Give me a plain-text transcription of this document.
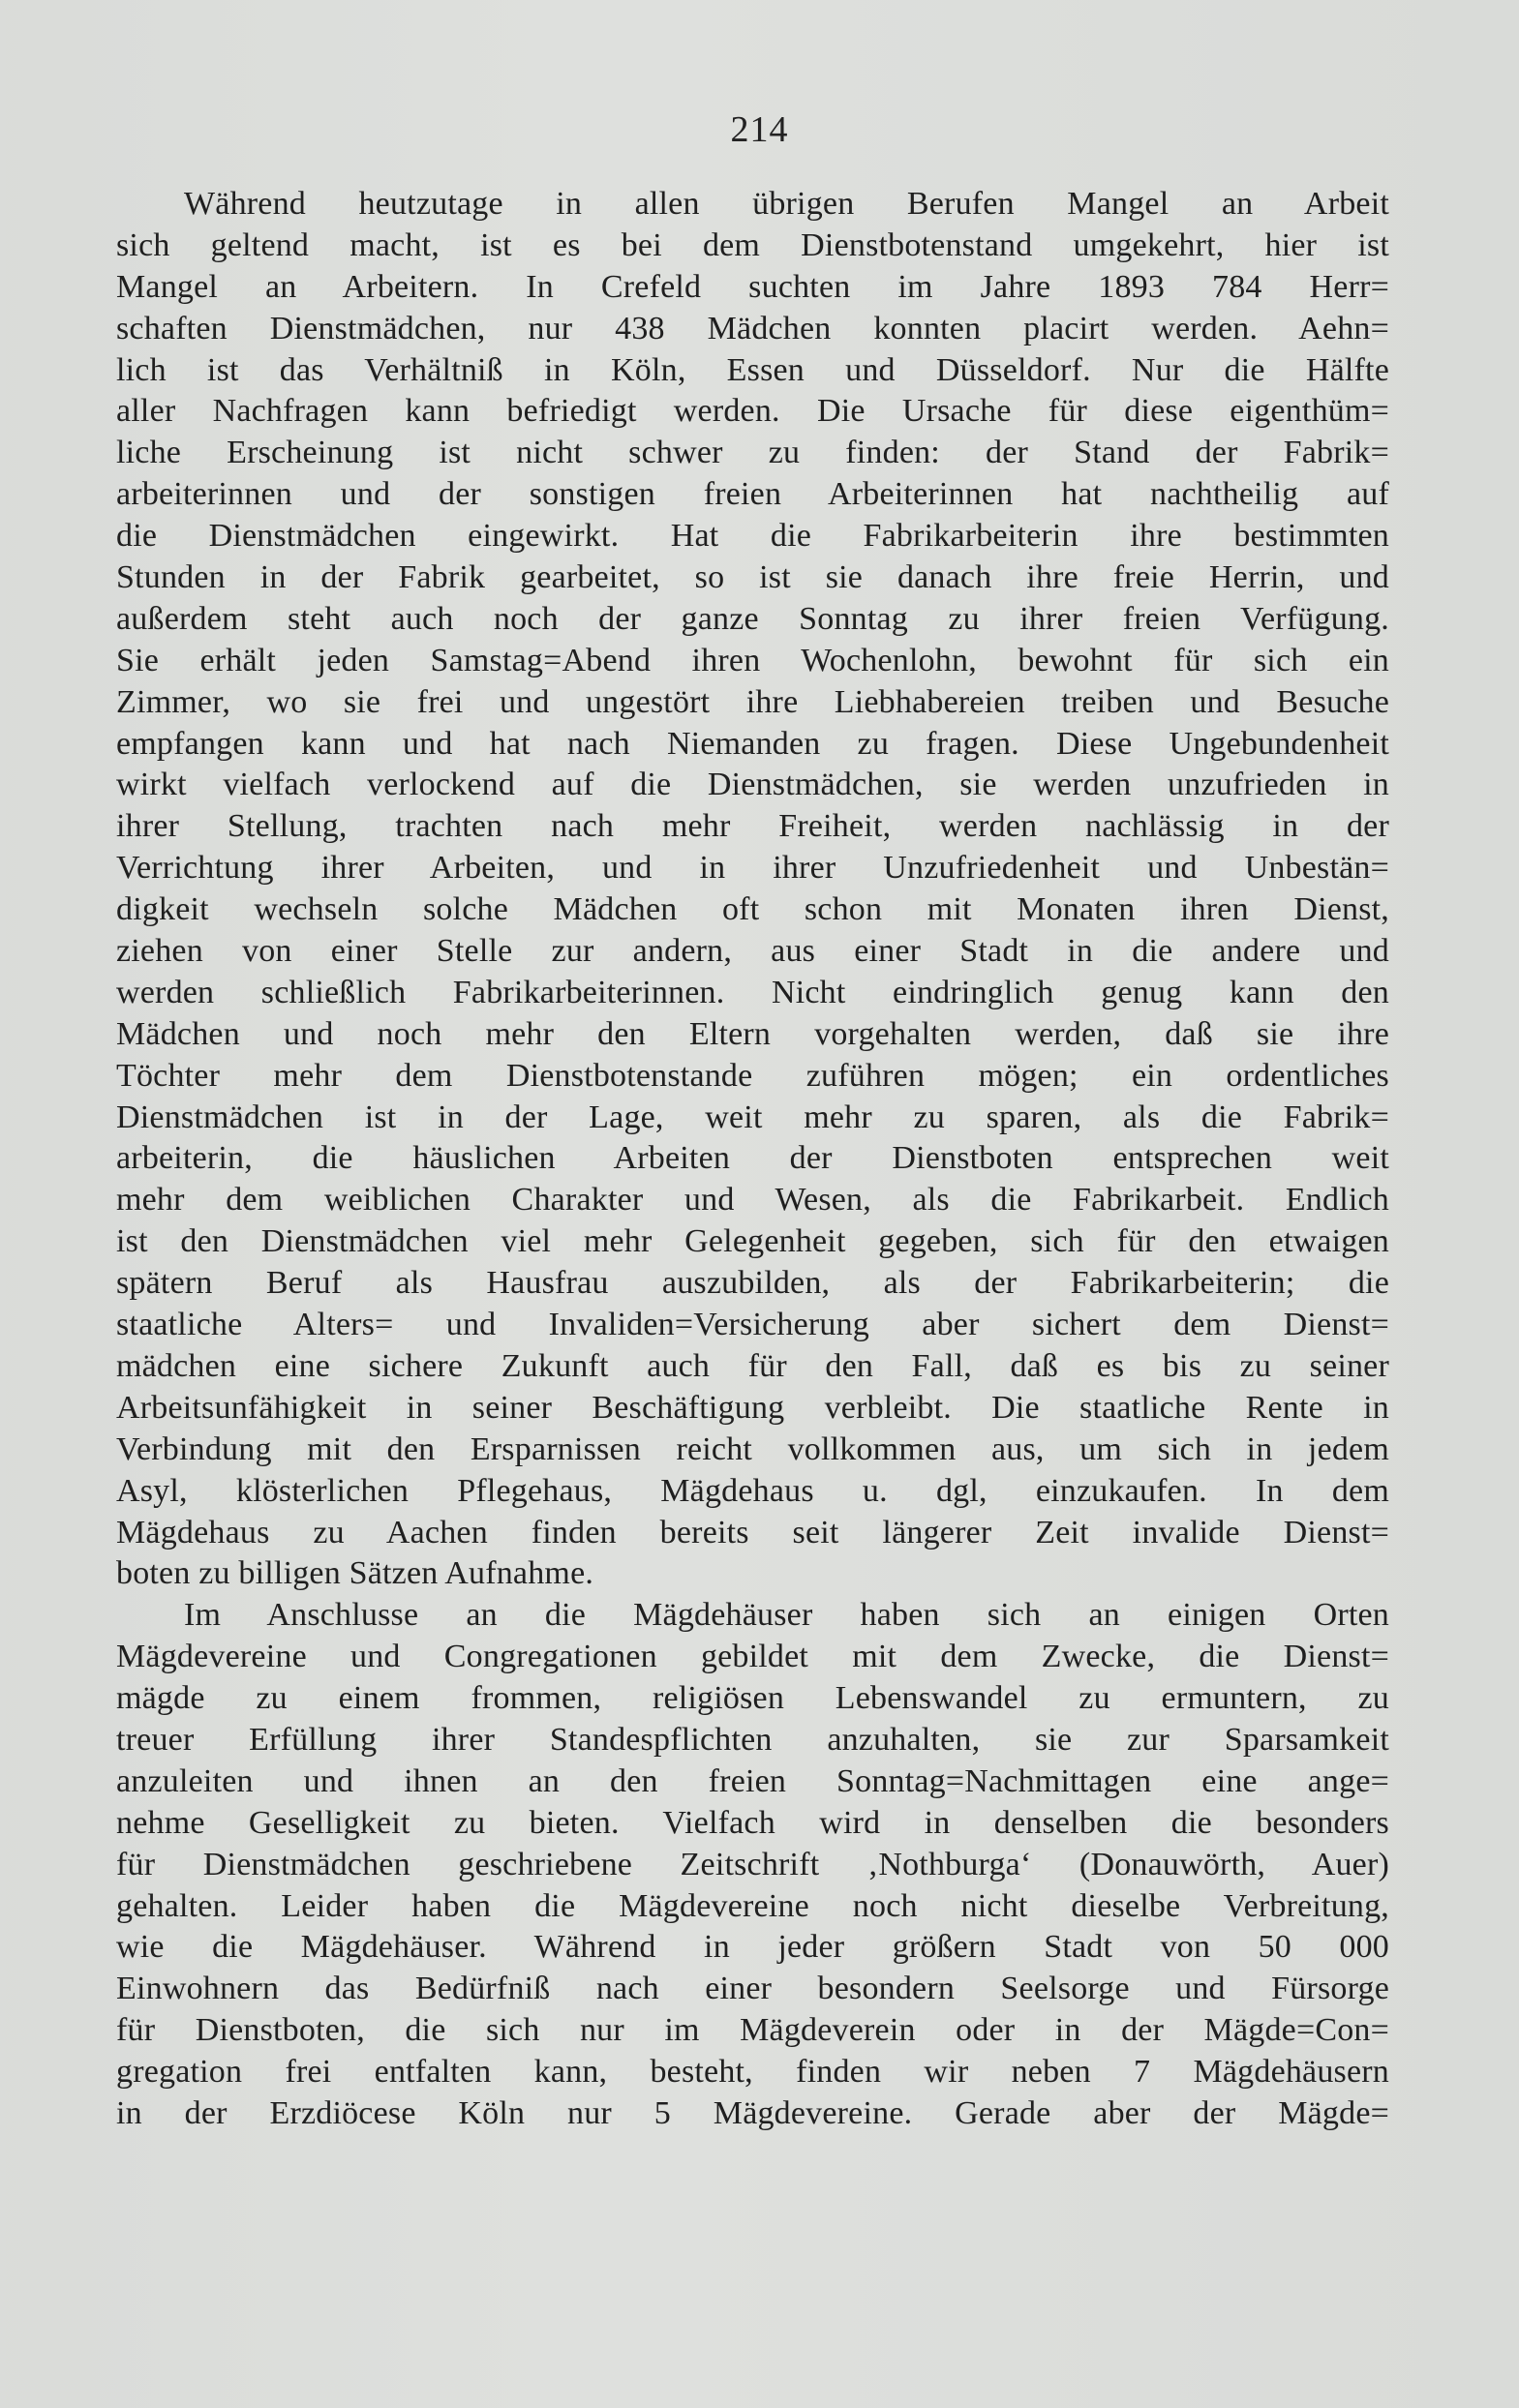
214
Während heutzutage in allen übrigen Berufen Mangel an Arbeit
sich geltend macht, ist es bei dem Dienstbotenstand umgekehrt, hier ist
Mangel an Arbeitern. In Crefeld suchten im Jahre 1893 784 Herr=
schaften Dienstmädchen, nur 438 Mädchen konnten placirt werden. Aehn=
lich ist das Verhältniß in Köln, Essen und Düsseldorf. Nur die Hälfte
aller Nachfragen kann befriedigt werden. Die Ursache für diese eigenthüm=
liche Erscheinung ist nicht schwer zu finden: der Stand der Fabrik=
arbeiterinnen und der sonstigen freien Arbeiterinnen hat nachtheilig auf
die Dienstmädchen eingewirkt. Hat die Fabrikarbeiterin ihre bestimmten
Stunden in der Fabrik gearbeitet, so ist sie danach ihre freie Herrin, und
außerdem steht auch noch der ganze Sonntag zu ihrer freien Verfügung.
Sie erhält jeden Samstag=Abend ihren Wochenlohn, bewohnt für sich ein
Zimmer, wo sie frei und ungestört ihre Liebhabereien treiben und Besuche
empfangen kann und hat nach Niemanden zu fragen. Diese Ungebundenheit
wirkt vielfach verlockend auf die Dienstmädchen, sie werden unzufrieden in
ihrer Stellung, trachten nach mehr Freiheit, werden nachlässig in der
Verrichtung ihrer Arbeiten, und in ihrer Unzufriedenheit und Unbestän=
digkeit wechseln solche Mädchen oft schon mit Monaten ihren Dienst,
ziehen von einer Stelle zur andern, aus einer Stadt in die andere und
werden schließlich Fabrikarbeiterinnen. Nicht eindringlich genug kann den
Mädchen und noch mehr den Eltern vorgehalten werden, daß sie ihre
Töchter mehr dem Dienstbotenstande zuführen mögen; ein ordentliches
Dienstmädchen ist in der Lage, weit mehr zu sparen, als die Fabrik=
arbeiterin, die häuslichen Arbeiten der Dienstboten entsprechen weit
mehr dem weiblichen Charakter und Wesen, als die Fabrikarbeit. Endlich
ist den Dienstmädchen viel mehr Gelegenheit gegeben, sich für den etwaigen
spätern Beruf als Hausfrau auszubilden, als der Fabrikarbeiterin; die
staatliche Alters= und Invaliden=Versicherung aber sichert dem Dienst=
mädchen eine sichere Zukunft auch für den Fall, daß es bis zu seiner
Arbeitsunfähigkeit in seiner Beschäftigung verbleibt. Die staatliche Rente in
Verbindung mit den Ersparnissen reicht vollkommen aus, um sich in jedem
Asyl, klösterlichen Pflegehaus, Mägdehaus u. dgl, einzukaufen. In dem
Mägdehaus zu Aachen finden bereits seit längerer Zeit invalide Dienst=
boten zu billigen Sätzen Aufnahme.
Im Anschlusse an die Mägdehäuser haben sich an einigen Orten
Mägdevereine und Congregationen gebildet mit dem Zwecke, die Dienst=
mägde zu einem frommen, religiösen Lebenswandel zu ermuntern, zu
treuer Erfüllung ihrer Standespflichten anzuhalten, sie zur Sparsamkeit
anzuleiten und ihnen an den freien Sonntag=Nachmittagen eine ange=
nehme Geselligkeit zu bieten. Vielfach wird in denselben die besonders
für Dienstmädchen geschriebene Zeitschrift ‚Nothburga‘ (Donauwörth, Auer)
gehalten. Leider haben die Mägdevereine noch nicht dieselbe Verbreitung,
wie die Mägdehäuser. Während in jeder größern Stadt von 50 000
Einwohnern das Bedürfniß nach einer besondern Seelsorge und Fürsorge
für Dienstboten, die sich nur im Mägdeverein oder in der Mägde=Con=
gregation frei entfalten kann, besteht, finden wir neben 7 Mägdehäusern
in der Erzdiöcese Köln nur 5 Mägdevereine. Gerade aber der Mägde=
